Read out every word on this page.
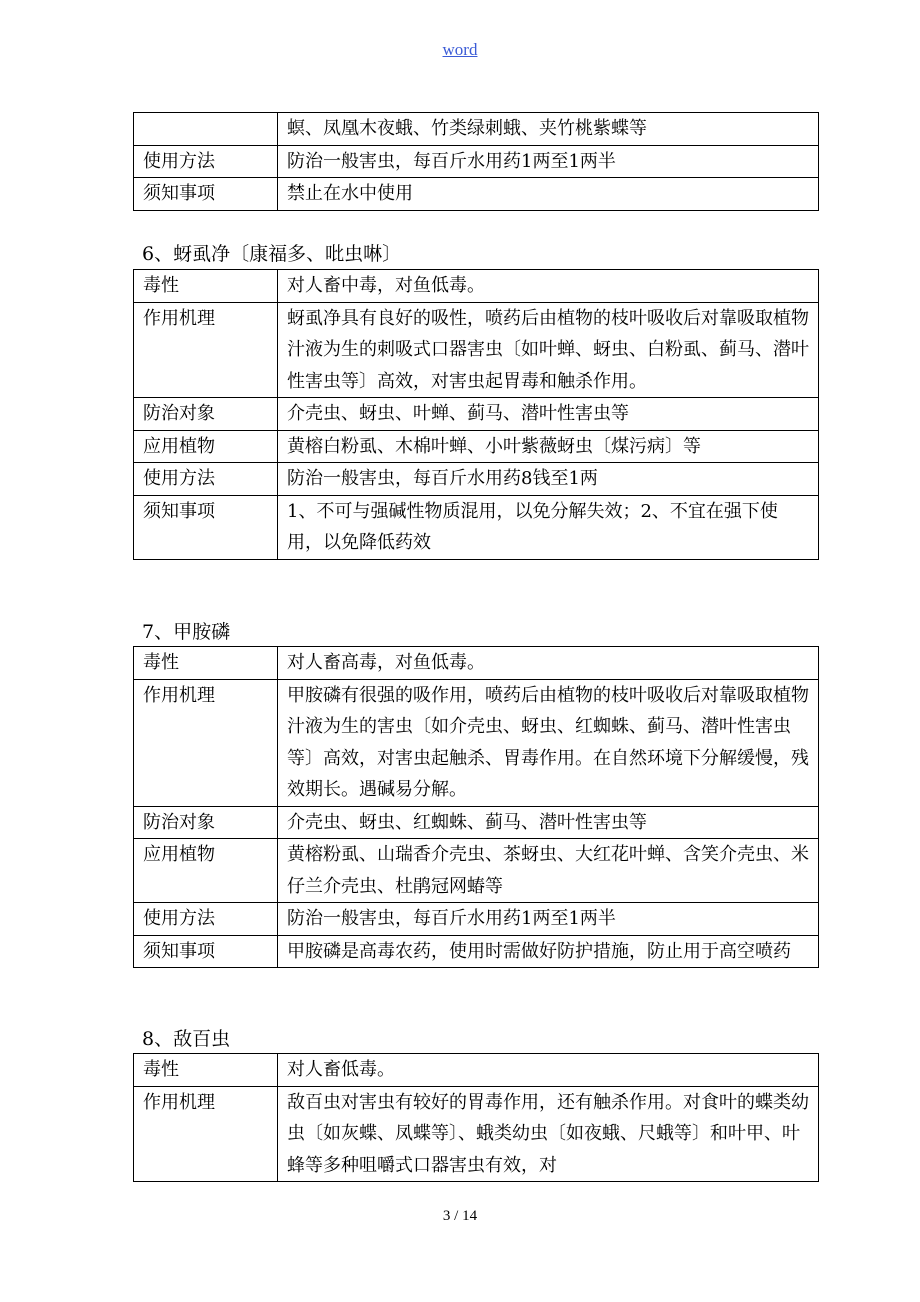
word
	螟、凤凰木夜蛾、竹类绿刺蛾、夹竹桃紫蝶等
使用方法	防治一般害虫，每百斤水用药1两至1两半
须知事项	禁止在水中使用
6、蚜虱净〔康福多、吡虫啉〕
毒性	对人畜中毒，对鱼低毒。
作用机理	蚜虱净具有良好的吸性，喷药后由植物的枝叶吸收后对靠吸取植物汁液为生的刺吸式口器害虫〔如叶蝉、蚜虫、白粉虱、蓟马、潜叶性害虫等〕高效，对害虫起胃毒和触杀作用。
防治对象	介壳虫、蚜虫、叶蝉、蓟马、潜叶性害虫等
应用植物	黄榕白粉虱、木棉叶蝉、小叶紫薇蚜虫〔煤污病〕等
使用方法	防治一般害虫，每百斤水用药8钱至1两
须知事项	1、不可与强碱性物质混用，以免分解失效；2、不宜在强下使用，以免降低药效
7、甲胺磷
毒性	对人畜高毒，对鱼低毒。
作用机理	甲胺磷有很强的吸作用，喷药后由植物的枝叶吸收后对靠吸取植物汁液为生的害虫〔如介壳虫、蚜虫、红蜘蛛、蓟马、潜叶性害虫等〕高效，对害虫起触杀、胃毒作用。在自然环境下分解缓慢，残效期长。遇碱易分解。
防治对象	介壳虫、蚜虫、红蜘蛛、蓟马、潜叶性害虫等
应用植物	黄榕粉虱、山瑞香介壳虫、茶蚜虫、大红花叶蝉、含笑介壳虫、米仔兰介壳虫、杜鹃冠网蝽等
使用方法	防治一般害虫，每百斤水用药1两至1两半
须知事项	甲胺磷是高毒农药，使用时需做好防护措施，防止用于高空喷药
8、敌百虫
毒性	对人畜低毒。
作用机理	敌百虫对害虫有较好的胃毒作用，还有触杀作用。对食叶的蝶类幼虫〔如灰蝶、凤蝶等〕、蛾类幼虫〔如夜蛾、尺蛾等〕和叶甲、叶蜂等多种咀嚼式口器害虫有效，对
3 / 14
